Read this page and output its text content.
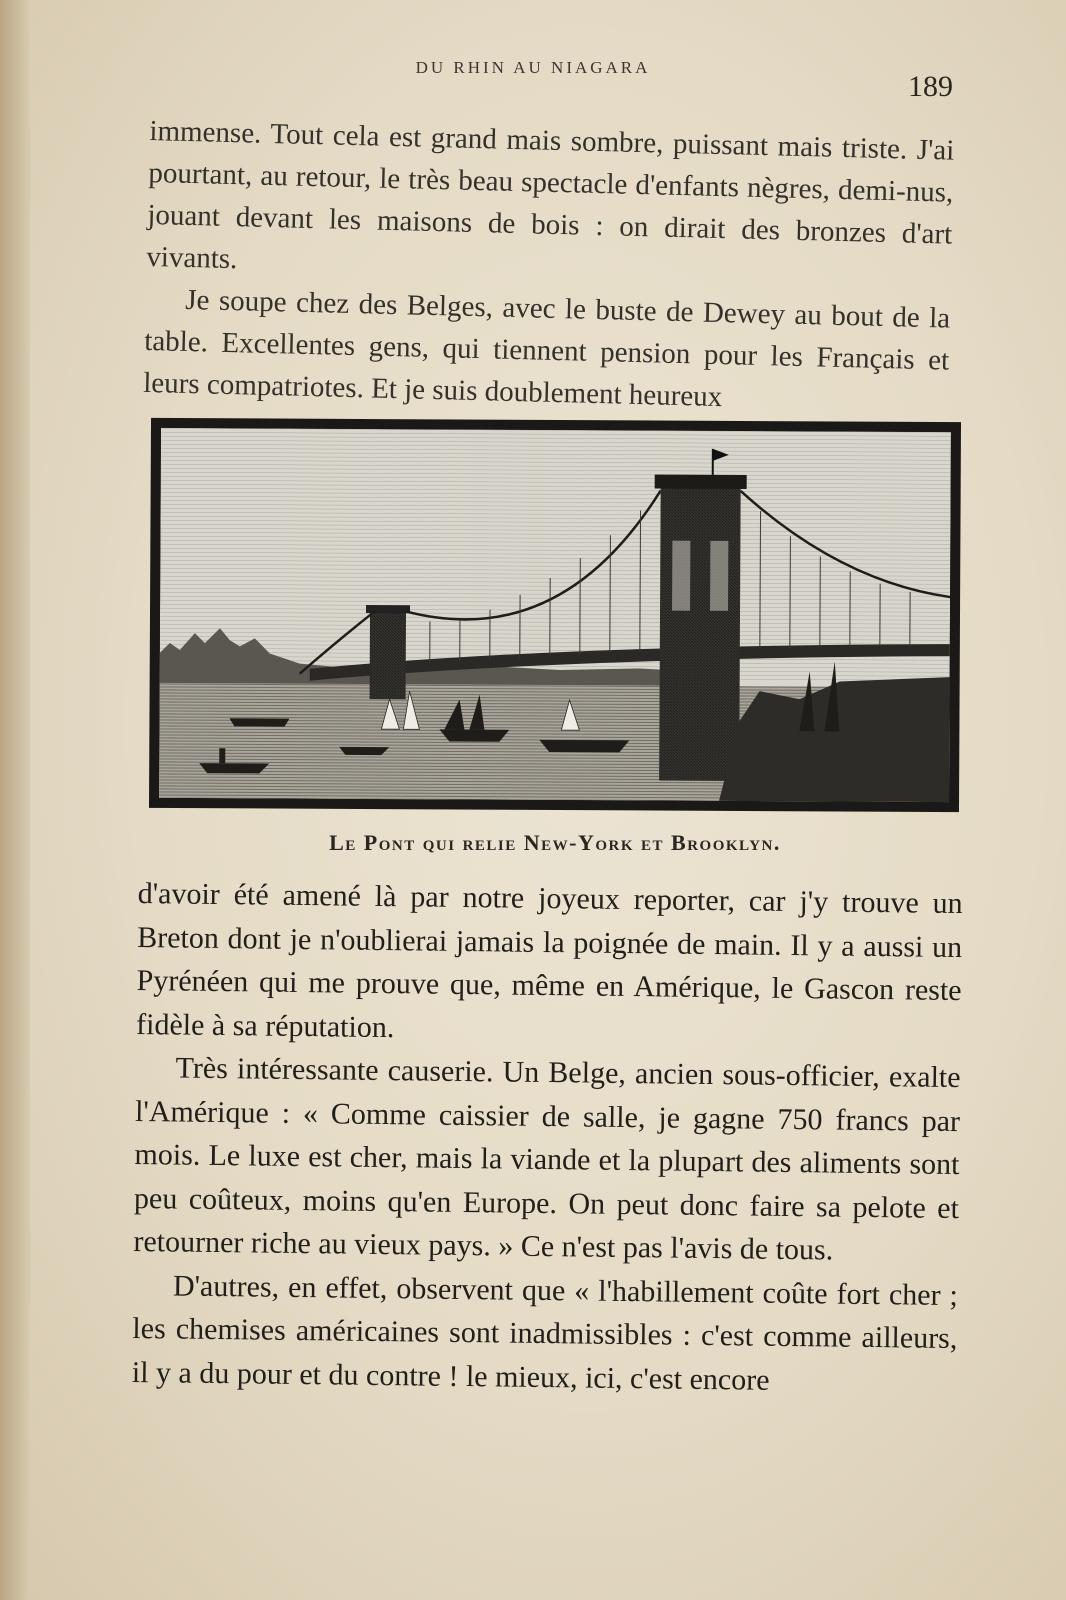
DU RHIN AU NIAGARA
189

immense. Tout cela est grand mais sombre, puissant mais triste. J'ai pourtant, au retour, le très beau spectacle d'enfants nègres, demi-nus, jouant devant les maisons de bois : on dirait des bronzes d'art vivants.

Je soupe chez des Belges, avec le buste de Dewey au bout de la table. Excellentes gens, qui tiennent pension pour les Français et leurs compatriotes. Et je suis doublement heureux

Le Pont qui relie New-York et Brooklyn.

d'avoir été amené là par notre joyeux reporter, car j'y trouve un Breton dont je n'oublierai jamais la poignée de main. Il y a aussi un Pyrénéen qui me prouve que, même en Amérique, le Gascon reste fidèle à sa réputation.

Très intéressante causerie. Un Belge, ancien sous-officier, exalte l'Amérique : « Comme caissier de salle, je gagne 750 francs par mois. Le luxe est cher, mais la viande et la plupart des aliments sont peu coûteux, moins qu'en Europe. On peut donc faire sa pelote et retourner riche au vieux pays. » Ce n'est pas l'avis de tous.

D'autres, en effet, observent que « l'habillement coûte fort cher ; les chemises américaines sont inadmissibles : c'est comme ailleurs, il y a du pour et du contre ! le mieux, ici, c'est encore
